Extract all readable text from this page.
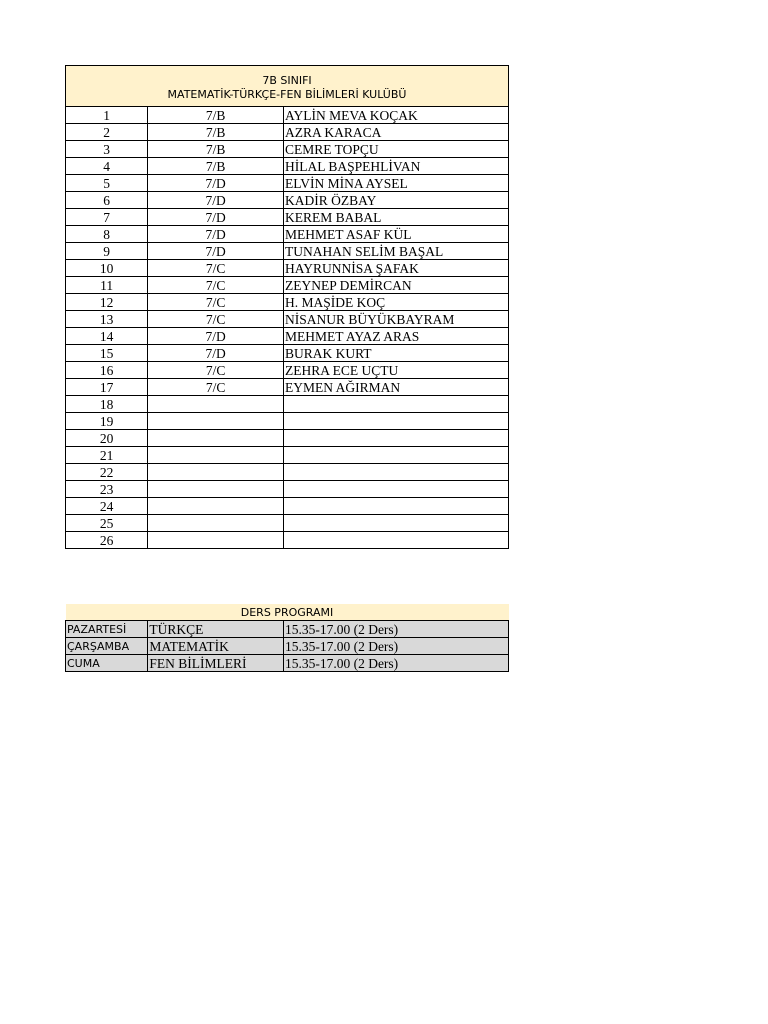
7B SINIFI
MATEMATİK-TÜRKÇE-FEN BİLİMLERİ KULÜBÜ		

1	7/B	AYLİN MEVA KOÇAK
2	7/B	AZRA KARACA
3	7/B	CEMRE TOPÇU
4	7/B	HİLAL BAŞPEHLİVAN
5	7/D	ELVİN MİNA AYSEL
6	7/D	KADİR ÖZBAY
7	7/D	KEREM BABAL
8	7/D	MEHMET ASAF KÜL
9	7/D	TUNAHAN SELİM BAŞAL
10	7/C	HAYRUNNİSA ŞAFAK
11	7/C	ZEYNEP DEMİRCAN
12	7/C	H. MAŞİDE KOÇ
13	7/C	NİSANUR BÜYÜKBAYRAM
14	7/D	MEHMET AYAZ ARAS
15	7/D	BURAK KURT
16	7/C	ZEHRA ECE UÇTU
17	7/C	EYMEN AĞIRMAN
18		
19		
20		
21		
22		
23		
24		
25		
26		
DERS PROGRAMI		
PAZARTESİ	TÜRKÇE	15.35-17.00 (2 Ders)
ÇARŞAMBA	MATEMATİK	15.35-17.00 (2 Ders)
CUMA	FEN BİLİMLERİ	15.35-17.00 (2 Ders)
